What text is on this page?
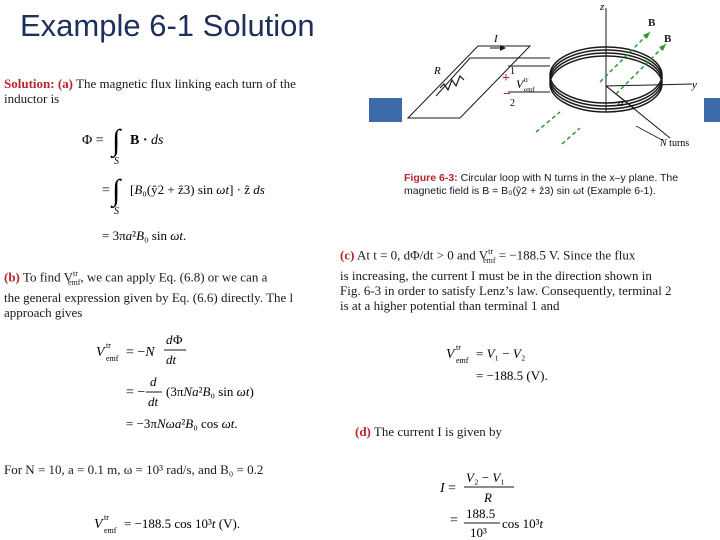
Example 6-1 Solution
Solution: (a) The magnetic flux linking each turn of the
inductor is
Φ = ∫
S
B · ds
= ∫
S
[B₀(ŷ2 + ẑ3) sin ωt] · ẑ ds
= 3πa²B₀ sin ωt.
(b) To find $V^{tr}_{emf}$, we can apply Eq. (6.8) or we can a
the general expression given by Eq. (6.6) directly. The l
approach gives
V tr
emf = −N
d Φ
dt
= −
d
dt
(3πNa²B₀ sin ωt)
= −3πNωa²B₀ cos ωt.
For N = 10, a = 0.1 m, ω = 10³ rad/s, and B₀ = 0.2
V tr
emf = −188.5 cos 10³t (V).
z
y
a
B
B
I
R	1
2
+
−
V tr
emf
N turns
Figure 6-3: Circular loop with N turns in the x–y plane. The
magnetic field is B = B₀(ŷ2 + ẑ3) sin ωt (Example 6-1).
(c) At t = 0, dΦ/dt > 0 and $V^{tr}_{emf} = -188.5$ V. Since the flux
is increasing, the current I must be in the direction shown in
Fig. 6-3 in order to satisfy Lenz’s law. Consequently, terminal 2
is at a higher potential than terminal 1 and
V tr
emf = V₁ − V₂
= −188.5 (V).
(d) The current I is given by
I =
V₂ − V₁
R
= 188.5
10³
cos 10³t
